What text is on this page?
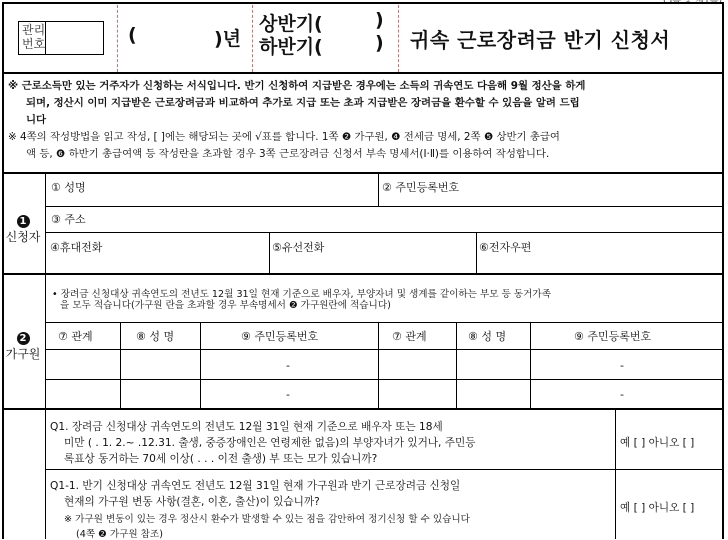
관리
번호	(	)년
상반기(
하반기(
)
) 귀속 근로장려금 반기 신청서
※ 근로소득만 있는 거주자가 신청하는 서식입니다. 반기 신청하여 지급받은 경우에는 소득의 귀속연도 다음해 9월 정산을 하게
되며, 정산시 이미 지급받은 근로장려금과 비교하여 추가로 지급 또는 초과 지급받은 장려금을 환수할 수 있음을 알려 드립
니다
※ 4쪽의 작성방법을 읽고 작성, [ ]에는 해당되는 곳에 √표를 합니다. 1쪽 ❷ 가구원, ❹ 전세금 명세, 2쪽 ❺ 상반기 총급여
액 등, ❻ 하반기 총급여액 등 작성란을 초과할 경우 3쪽 근로장려금 신청서 부속 명세서(Ⅰ·Ⅱ)를 이용하여 작성합니다.
1
신청자
① 성명	② 주민등록번호
③ 주소
④휴대전화	⑤유선전화	⑥전자우편
2
가구원
• 장려금 신청대상 귀속연도의 전년도 12월 31일 현재 기준으로 배우자, 부양자녀 및 생계를 같이하는 부모 등 동거가족
을 모두 적습니다(가구원 란을 초과할 경우 부속명세서 ❷ 가구원란에 적습니다)
⑦ 관계	⑧ 성 명	⑨ 주민등록번호	⑦ 관계	⑧ 성 명	⑨ 주민등록번호
-	-
-	-
Q1. 장려금 신청대상 귀속연도의 전년도 12월 31일 현재 기준으로 배우자 또는 18세
미만 ( . 1. 2.~ .12.31. 출생, 중증장애인은 연령제한 없음)의 부양자녀가 있거나, 주민등
록표상 동거하는 70세 이상( . . . 이전 출생) 부 또는 모가 있습니까?
예 [ ] 아니오 [ ]
Q1-1. 반기 신청대상 귀속연도 전년도 12월 31일 현재 가구원과 반기 근로장려금 신청일
현재의 가구원 변동 사항(결혼, 이혼, 출산)이 있습니까?
※ 가구원 변동이 있는 경우 정산시 환수가 발생할 수 있는 점을 감안하여 정기신청 할 수 있습니다
(4쪽 ❷ 가구원 참조)
예 [ ] 아니오 [ ]
